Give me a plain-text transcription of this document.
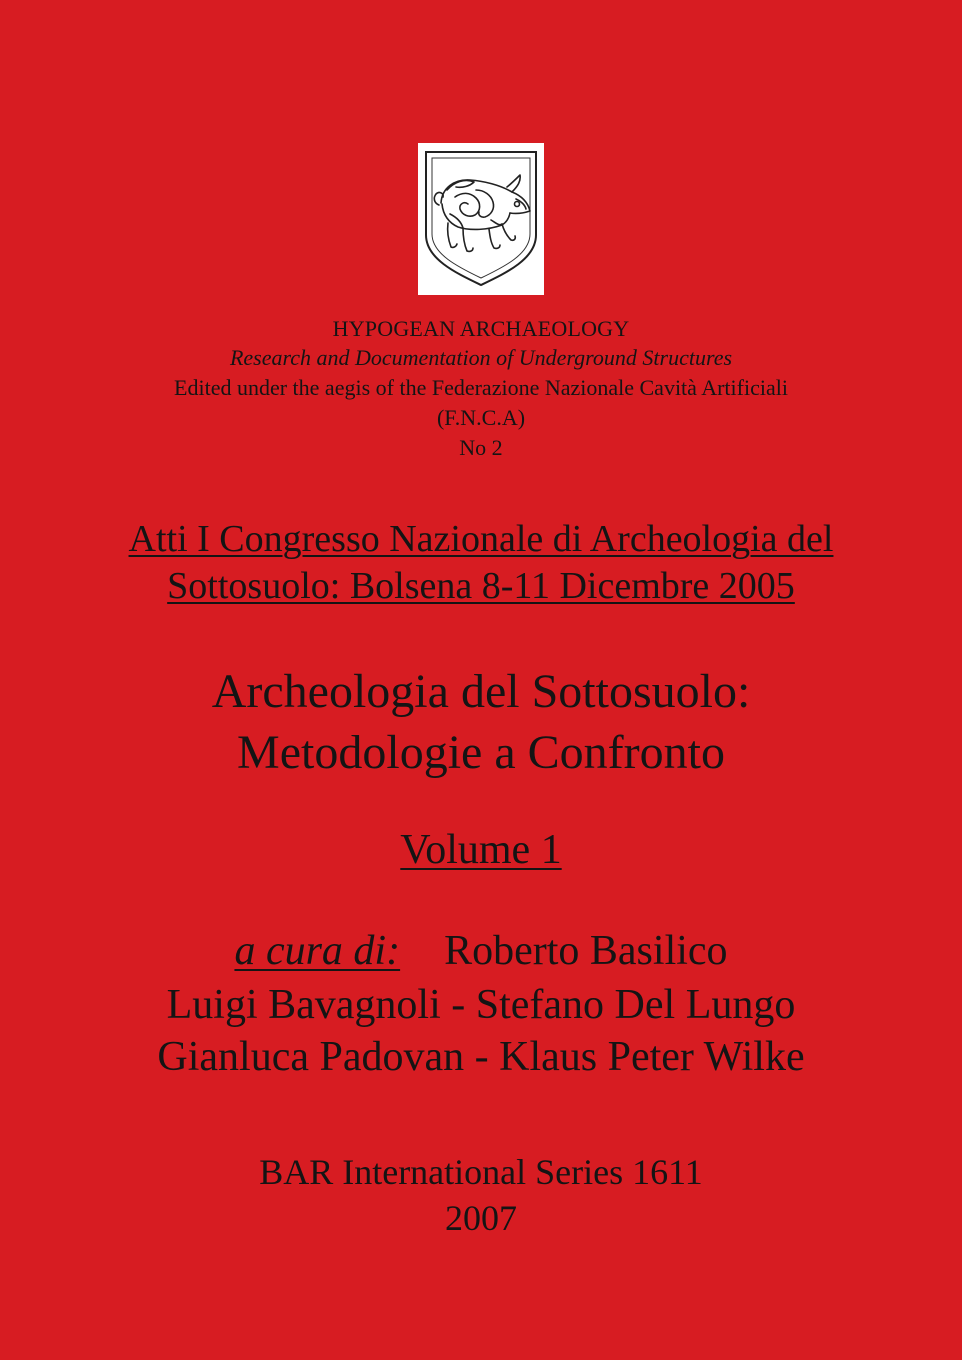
HYPOGEAN ARCHAEOLOGY
Research and Documentation of Underground Structures
Edited under the aegis of the Federazione Nazionale Cavità Artificiali
(F.N.C.A)
No 2
Atti I Congresso Nazionale di Archeologia del
Sottosuolo: Bolsena 8-11 Dicembre 2005
Archeologia del Sottosuolo:
Metodologie a Confronto
Volume 1
a cura di: Roberto Basilico
Luigi Bavagnoli - Stefano Del Lungo
Gianluca Padovan - Klaus Peter Wilke
BAR International Series 1611
2007
